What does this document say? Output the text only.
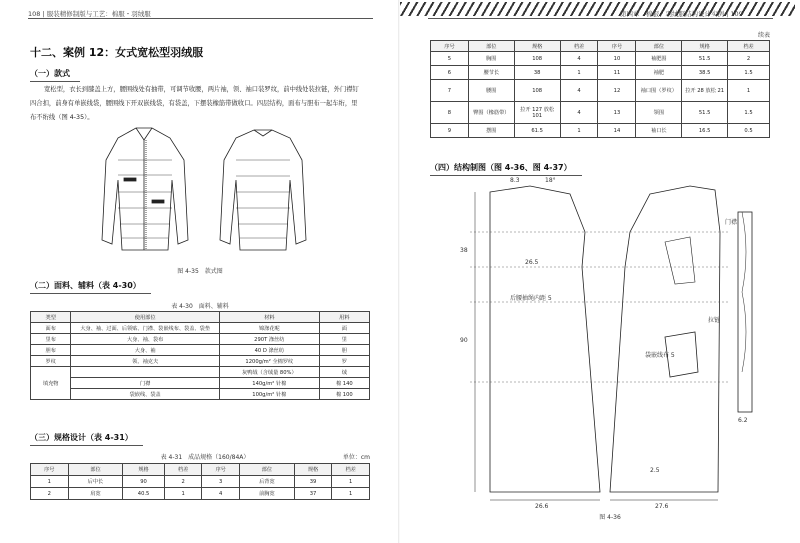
108 | 服装精修制版与工艺：棉服・羽绒服
十二、案例 12：女式宽松型羽绒服
（一）款式
宽松型，衣长到膝盖上方，腰围线处有抽带，可调节收腰，两片袖，领、袖口装罗纹，前中线处装拉链，外门襟钉四合扣，前身有单嵌线袋，腰围线下开双嵌线袋，有袋盖，下摆装橡筋带做收口。四层结构，面布与胆布一起车绗，里布不绗线（图 4-35）。
图 4-35　款式图
（二）面料、辅料（表 4-30）
表 4-30　面料、辅料
类型	使用部位	材料	用料
面布	大身、袖、过面、后领贴、门襟、袋嵌线布、袋盖、袋垫	锦涤花呢	面
里布	大身、袖、袋布	290T 涤丝纺	里
胆布	大身、袖	40 D 涤丝纺	胆
罗纹	领、袖克夫	1200g/m² 全棉罗纹	罗
填充物		灰鸭绒（含绒量 80%）	绒
	门襟	140g/m² 针棉	棉 140
	袋嵌线、袋盖	100g/m² 针棉	棉 100
（三）规格设计（表 4-31）
表 4-31　成品规格（160/84A）	单位：cm
序号	部位	规格	档差	序号	部位	规格	档差
1	后中长	90	2	3	后背宽	39	1
2	肩宽	40.5	1	4	前胸宽	37	1
第四章　棉服、羽绒服结构设计实例 | 109
续表
序号	部位	规格	档差	序号	部位	规格	档差
5	胸围	108	4	10	袖肥围	51.5	2
6	腰节长	38	1	11	袖肥	38.5	1.5
7	腰围	108	4	12	袖口围（罗纹）	拉开 28 放松 21	1
8	臀围（橡筋带）	拉开 127 放松 101	4	13	领围	51.5	1.5
9	摆围	61.5	1	14	袖口长	16.5	0.5
（四）结构制图（图 4-36、图 4-37）
8.3	18°
26.5
后腰抽绳内距 5
90
38
26.6	27.6
袋嵌线布 5
拉链
门襟
6.2
2.5
图 4-36
